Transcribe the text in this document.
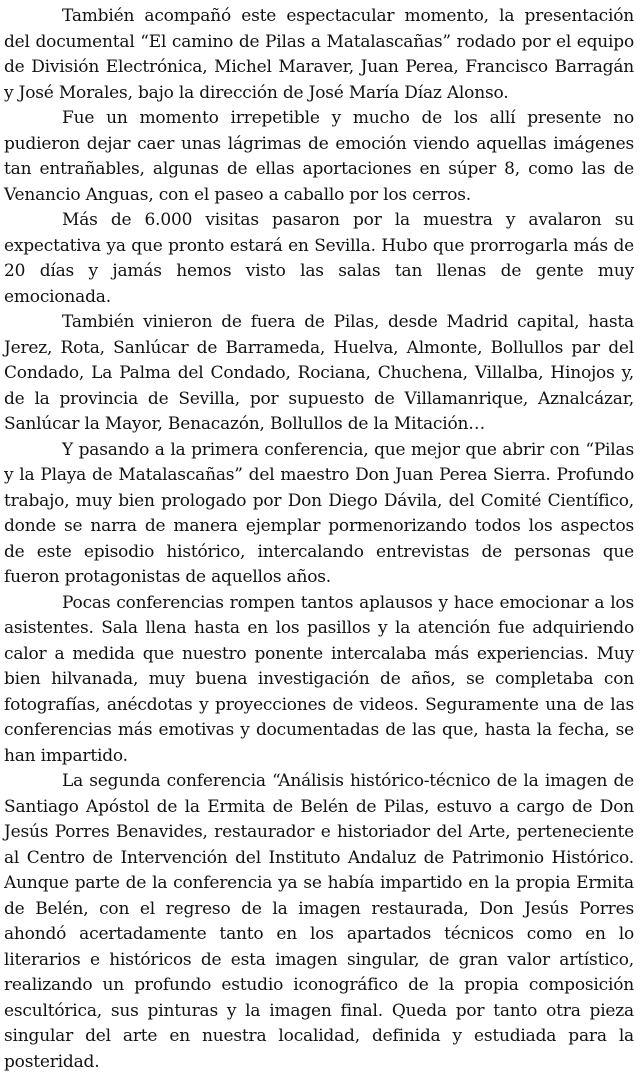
También acompañó este espectacular momento, la presentación del documental “El camino de Pilas a Matalascañas” rodado por el equipo de División Electrónica, Michel Maraver, Juan Perea, Francisco Barragán y José Morales, bajo la dirección de José María Díaz Alonso.

Fue un momento irrepetible y mucho de los allí presente no pudieron dejar caer unas lágrimas de emoción viendo aquellas imágenes tan entrañables, algunas de ellas aportaciones en súper 8, como las de Venancio Anguas, con el paseo a caballo por los cerros.

Más de 6.000 visitas pasaron por la muestra y avalaron su expectativa ya que pronto estará en Sevilla. Hubo que prorrogarla más de 20 días y jamás hemos visto las salas tan llenas de gente muy emocionada.

También vinieron de fuera de Pilas, desde Madrid capital, hasta Jerez, Rota, Sanlúcar de Barrameda, Huelva, Almonte, Bollullos par del Condado, La Palma del Condado, Rociana, Chuchena, Villalba, Hinojos y, de la provincia de Sevilla, por supuesto de Villamanrique, Aznalcázar, Sanlúcar la Mayor, Benacazón, Bollullos de la Mitación…

Y pasando a la primera conferencia, que mejor que abrir con “Pilas y la Playa de Matalascañas” del maestro Don Juan Perea Sierra. Profundo trabajo, muy bien prologado por Don Diego Dávila, del Comité Científico, donde se narra de manera ejemplar pormenorizando todos los aspectos de este episodio histórico, intercalando entrevistas de personas que fueron protagonistas de aquellos años.

Pocas conferencias rompen tantos aplausos y hace emocionar a los asistentes. Sala llena hasta en los pasillos y la atención fue adquiriendo calor a medida que nuestro ponente intercalaba más experiencias. Muy bien hilvanada, muy buena investigación de años, se completaba con fotografías, anécdotas y proyecciones de videos. Seguramente una de las conferencias más emotivas y documentadas de las que, hasta la fecha, se han impartido.

La segunda conferencia “Análisis histórico-técnico de la imagen de Santiago Apóstol de la Ermita de Belén de Pilas, estuvo a cargo de Don Jesús Porres Benavides, restaurador e historiador del Arte, perteneciente al Centro de Intervención del Instituto Andaluz de Patrimonio Histórico. Aunque parte de la conferencia ya se había impartido en la propia Ermita de Belén, con el regreso de la imagen restaurada, Don Jesús Porres ahondó acertadamente tanto en los apartados técnicos como en lo literarios e históricos de esta imagen singular, de gran valor artístico, realizando un profundo estudio iconográfico de la propia composición escultórica, sus pinturas y la imagen final. Queda por tanto otra pieza singular del arte en nuestra localidad, definida y estudiada para la posteridad.
